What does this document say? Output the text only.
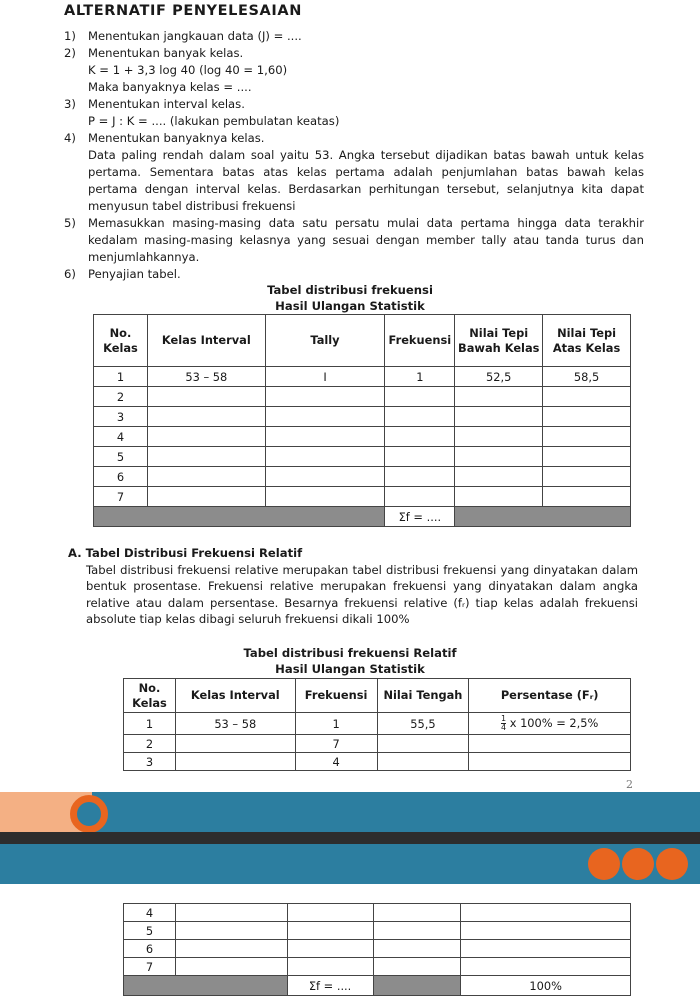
ALTERNATIF PENYELESAIAN
1)	Menentukan jangkauan data (J) = ....
2)	Menentukan banyak kelas.
K = 1 + 3,3 log 40 (log 40 = 1,60)
Maka banyaknya kelas = ....
3)	Menentukan interval kelas.
P = J : K = .... (lakukan pembulatan keatas)
4)	Menentukan banyaknya kelas.
Data paling rendah dalam soal yaitu 53. Angka tersebut dijadikan batas bawah untuk kelas pertama. Sementara batas atas kelas pertama adalah penjumlahan batas bawah kelas pertama dengan interval kelas. Berdasarkan perhitungan tersebut, selanjutnya kita dapat menyusun tabel distribusi frekuensi
5)	Memasukkan masing-masing data satu persatu mulai data pertama hingga data terakhir kedalam masing-masing kelasnya yang sesuai dengan member tally atau tanda turus dan menjumlahkannya.
6)	Penyajian tabel.
Tabel distribusi frekuensi
Hasil Ulangan Statistik
No. Kelas	Kelas Interval	Tally	Frekuensi	Nilai Tepi Bawah Kelas	Nilai Tepi Atas Kelas
1	53 – 58	I	1	52,5	58,5
2					
3					
4					
5					
6					
7					
			Σf = ....		
A. Tabel Distribusi Frekuensi Relatif
Tabel distribusi frekuensi relative merupakan tabel distribusi frekuensi yang dinyatakan dalam bentuk prosentase. Frekuensi relative merupakan frekuensi yang dinyatakan dalam angka relative atau dalam persentase. Besarnya frekuensi relative (fᵣ) tiap kelas adalah frekuensi absolute tiap kelas dibagi seluruh frekuensi dikali 100%
Tabel distribusi frekuensi Relatif
Hasil Ulangan Statistik
No. Kelas	Kelas Interval	Frekuensi	Nilai Tengah	Persentase (Fᵣ)
1	53 – 58	1	55,5	$\frac{1}{4}$ x 100% = 2,5%
2		7		
3		4		
2
4				
5				
6				
7				
		Σf = ....		100%
